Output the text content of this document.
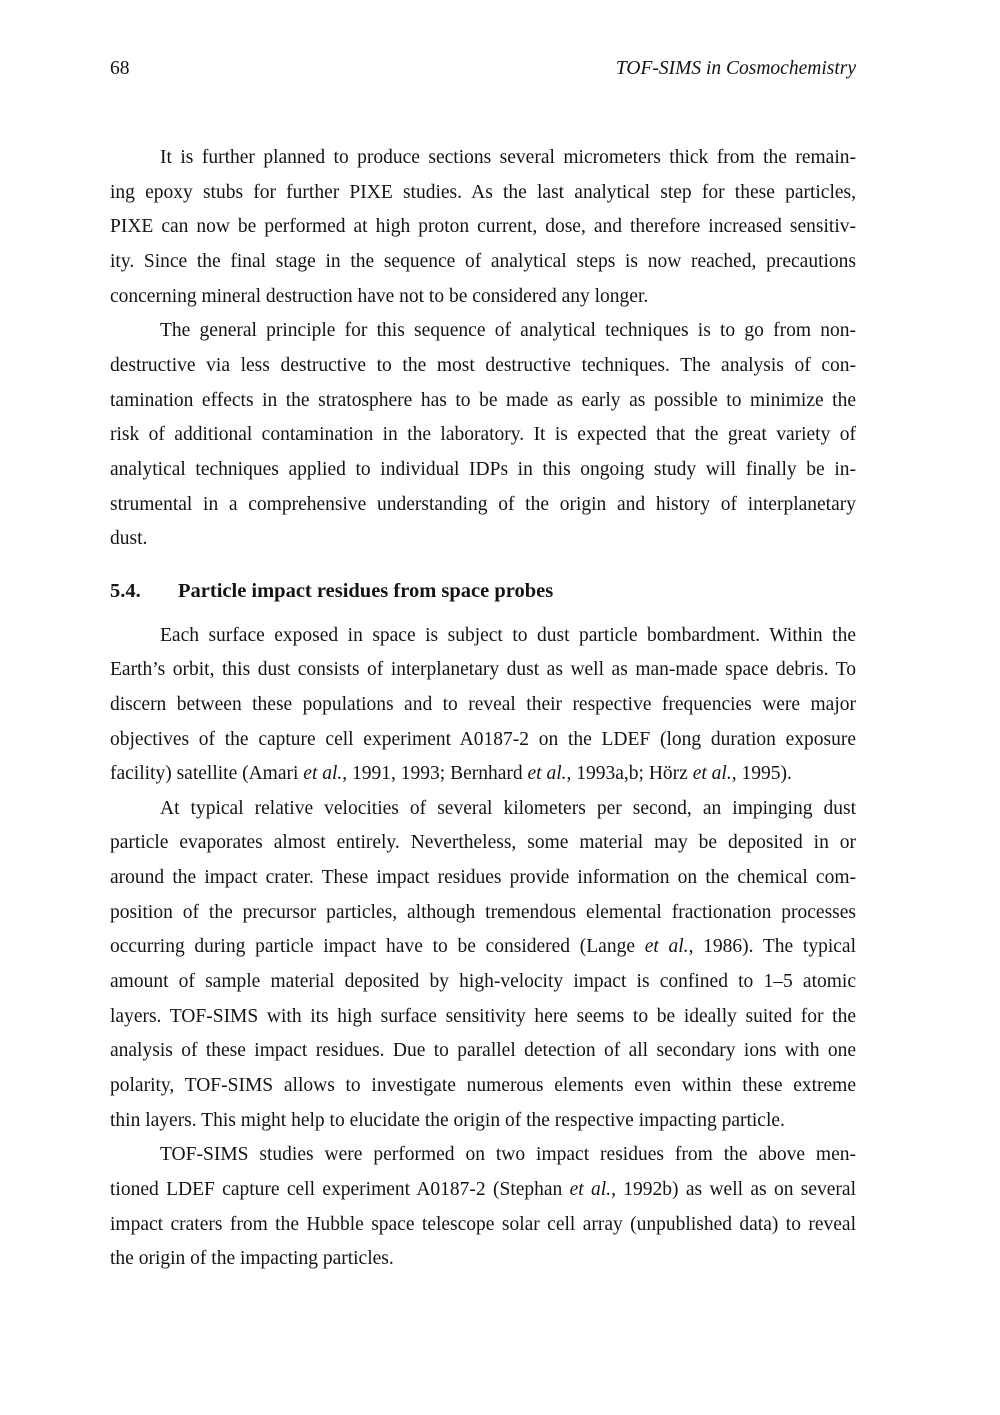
68	TOF-SIMS in Cosmochemistry
It is further planned to produce sections several micrometers thick from the remain-
ing epoxy stubs for further PIXE studies. As the last analytical step for these particles,
PIXE can now be performed at high proton current, dose, and therefore increased sensitiv-
ity. Since the final stage in the sequence of analytical steps is now reached, precautions
concerning mineral destruction have not to be considered any longer.
The general principle for this sequence of analytical techniques is to go from non-
destructive via less destructive to the most destructive techniques. The analysis of con-
tamination effects in the stratosphere has to be made as early as possible to minimize the
risk of additional contamination in the laboratory. It is expected that the great variety of
analytical techniques applied to individual IDPs in this ongoing study will finally be in-
strumental in a comprehensive understanding of the origin and history of interplanetary
dust.
5.4.	Particle impact residues from space probes
Each surface exposed in space is subject to dust particle bombardment. Within the
Earth’s orbit, this dust consists of interplanetary dust as well as man-made space debris. To
discern between these populations and to reveal their respective frequencies were major
objectives of the capture cell experiment A0187-2 on the LDEF (long duration exposure
facility) satellite (Amari et al., 1991, 1993; Bernhard et al., 1993a,b; Hörz et al., 1995).
At typical relative velocities of several kilometers per second, an impinging dust
particle evaporates almost entirely. Nevertheless, some material may be deposited in or
around the impact crater. These impact residues provide information on the chemical com-
position of the precursor particles, although tremendous elemental fractionation processes
occurring during particle impact have to be considered (Lange et al., 1986). The typical
amount of sample material deposited by high-velocity impact is confined to 1–5 atomic
layers. TOF-SIMS with its high surface sensitivity here seems to be ideally suited for the
analysis of these impact residues. Due to parallel detection of all secondary ions with one
polarity, TOF-SIMS allows to investigate numerous elements even within these extreme
thin layers. This might help to elucidate the origin of the respective impacting particle.
TOF-SIMS studies were performed on two impact residues from the above men-
tioned LDEF capture cell experiment A0187-2 (Stephan et al., 1992b) as well as on several
impact craters from the Hubble space telescope solar cell array (unpublished data) to reveal
the origin of the impacting particles.
